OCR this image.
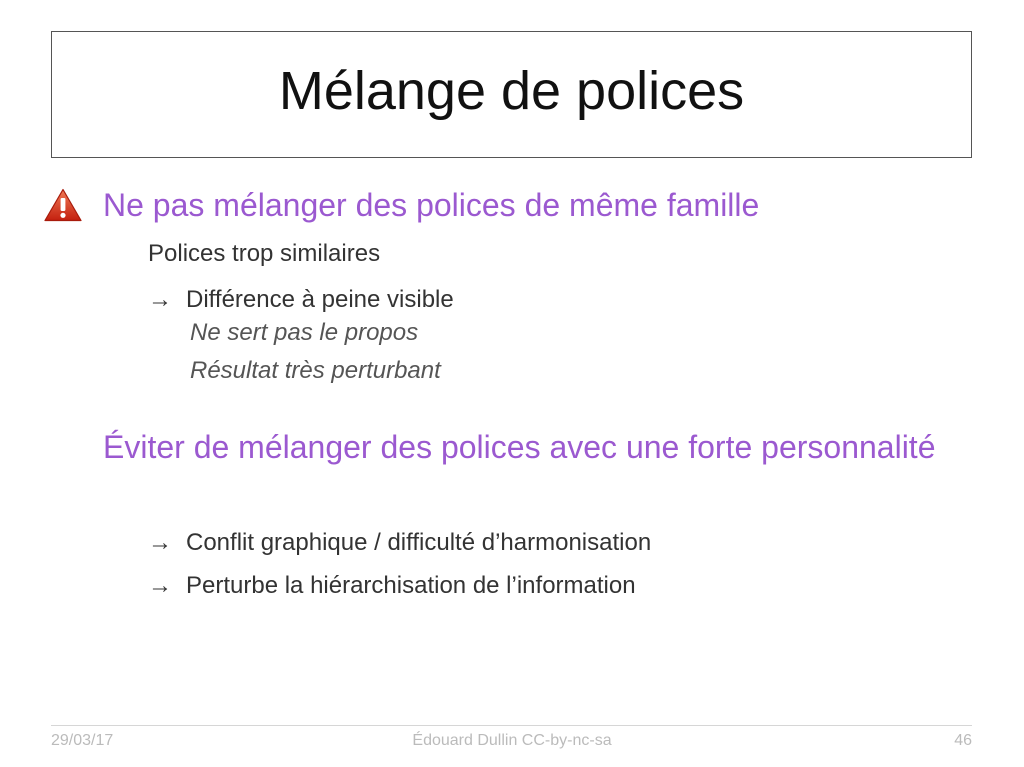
Mélange de polices
Ne pas mélanger des polices de même famille
Polices trop similaires
→ Différence à peine visible
Ne sert pas le propos
Résultat très perturbant
Éviter de mélanger des polices avec une forte personnalité
→ Conflit graphique / difficulté d’harmonisation
→ Perturbe la hiérarchisation de l’information
29/03/17	Édouard Dullin CC-by-nc-sa	46
